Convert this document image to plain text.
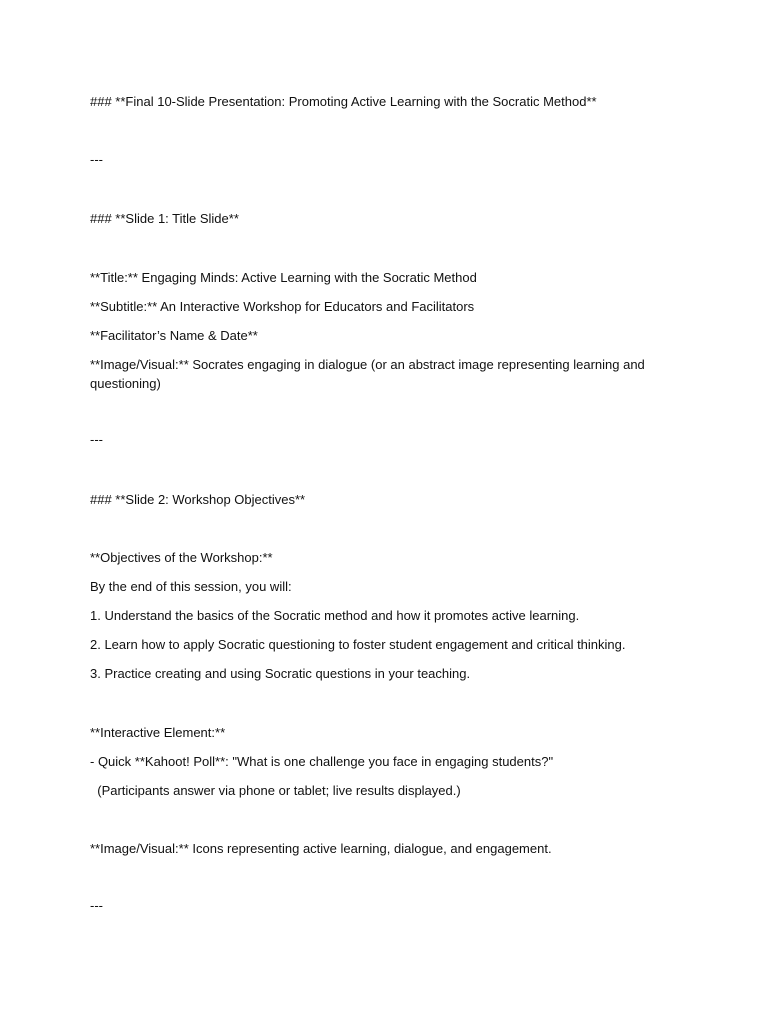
### **Final 10-Slide Presentation: Promoting Active Learning with the Socratic Method**

---

### **Slide 1: Title Slide**

**Title:** Engaging Minds: Active Learning with the Socratic Method

**Subtitle:** An Interactive Workshop for Educators and Facilitators

**Facilitator’s Name & Date**

**Image/Visual:** Socrates engaging in dialogue (or an abstract image representing learning and questioning)

---

### **Slide 2: Workshop Objectives**

**Objectives of the Workshop:**

By the end of this session, you will:

1. Understand the basics of the Socratic method and how it promotes active learning.

2. Learn how to apply Socratic questioning to foster student engagement and critical thinking.

3. Practice creating and using Socratic questions in your teaching.

**Interactive Element:**

- Quick **Kahoot! Poll**: "What is one challenge you face in engaging students?"

(Participants answer via phone or tablet; live results displayed.)

**Image/Visual:** Icons representing active learning, dialogue, and engagement.

---
